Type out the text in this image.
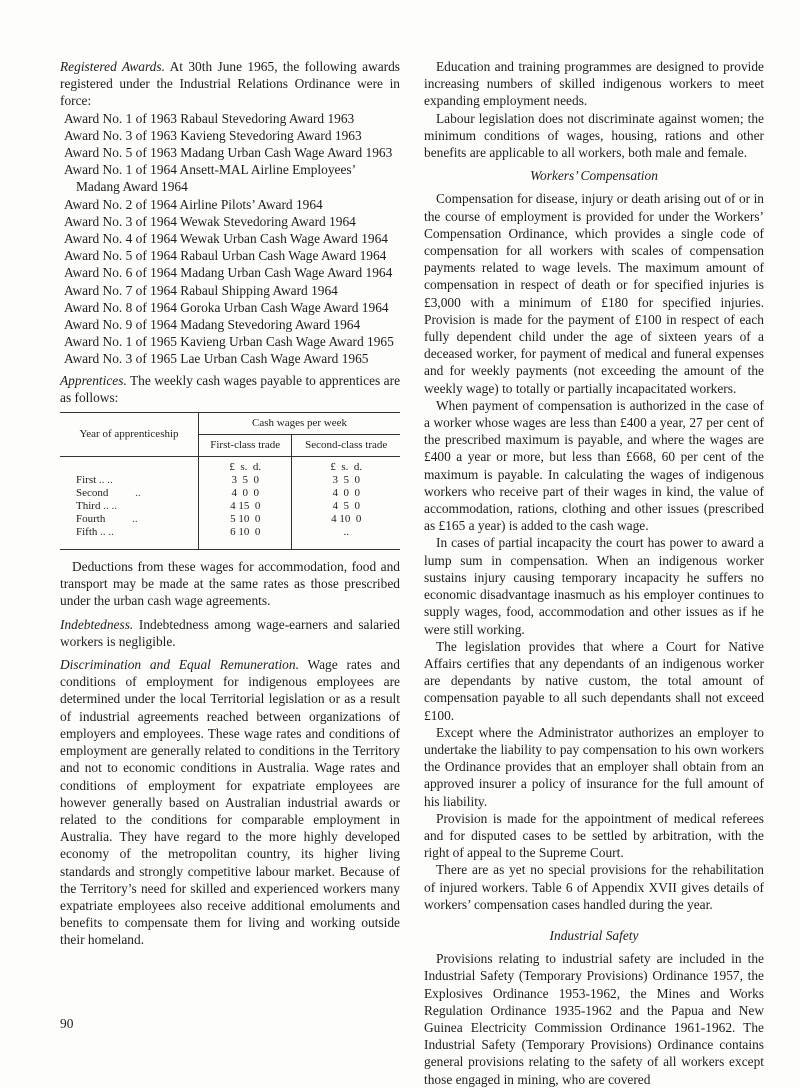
Registered Awards. At 30th June 1965, the following awards registered under the Industrial Relations Ordinance were in force:

Award No. 1 of 1963 Rabaul Stevedoring Award 1963
Award No. 3 of 1963 Kavieng Stevedoring Award 1963
Award No. 5 of 1963 Madang Urban Cash Wage Award 1963
Award No. 1 of 1964 Ansett-MAL Airline Employees’ Madang Award 1964
Award No. 2 of 1964 Airline Pilots’ Award 1964
Award No. 3 of 1964 Wewak Stevedoring Award 1964
Award No. 4 of 1964 Wewak Urban Cash Wage Award 1964
Award No. 5 of 1964 Rabaul Urban Cash Wage Award 1964
Award No. 6 of 1964 Madang Urban Cash Wage Award 1964
Award No. 7 of 1964 Rabaul Shipping Award 1964
Award No. 8 of 1964 Goroka Urban Cash Wage Award 1964
Award No. 9 of 1964 Madang Stevedoring Award 1964
Award No. 1 of 1965 Kavieng Urban Cash Wage Award 1965
Award No. 3 of 1965 Lae Urban Cash Wage Award 1965

Apprentices. The weekly cash wages payable to apprentices are as follows:

Year of apprenticeship	Cash wages per week	
	First-class trade	Second-class trade
	£  s.  d.	£  s.  d.
First .. ..	3  5  0	3  5  0
Second ..	4  0  0	4  0  0
Third .. ..	4 15  0	4  5  0
Fourth ..	5 10  0	4 10  0
Fifth .. ..	6 10  0	..

Deductions from these wages for accommodation, food and transport may be made at the same rates as those prescribed under the urban cash wage agreements.

Indebtedness. Indebtedness among wage-earners and salaried workers is negligible.

Discrimination and Equal Remuneration. Wage rates and conditions of employment for indigenous employees are determined under the local Territorial legislation or as a result of industrial agreements reached between organizations of employers and employees. These wage rates and conditions of employment are generally related to conditions in the Territory and not to economic conditions in Australia. Wage rates and conditions of employment for expatriate employees are however generally based on Australian industrial awards or related to the conditions for comparable employment in Australia. They have regard to the more highly developed economy of the metropolitan country, its higher living standards and strongly competitive labour market. Because of the Territory’s need for skilled and experienced workers many expatriate employees also receive additional emoluments and benefits to compensate them for living and working outside their homeland.

90

Education and training programmes are designed to provide increasing numbers of skilled indigenous workers to meet expanding employment needs.

Labour legislation does not discriminate against women; the minimum conditions of wages, housing, rations and other benefits are applicable to all workers, both male and female.

Workers’ Compensation

Compensation for disease, injury or death arising out of or in the course of employment is provided for under the Workers’ Compensation Ordinance, which provides a single code of compensation for all workers with scales of compensation payments related to wage levels. The maximum amount of compensation in respect of death or for specified injuries is £3,000 with a minimum of £180 for specified injuries. Provision is made for the payment of £100 in respect of each fully dependent child under the age of sixteen years of a deceased worker, for payment of medical and funeral expenses and for weekly payments (not exceeding the amount of the weekly wage) to totally or partially incapacitated workers.

When payment of compensation is authorized in the case of a worker whose wages are less than £400 a year, 27 per cent of the prescribed maximum is payable, and where the wages are £400 a year or more, but less than £668, 60 per cent of the maximum is payable. In calculating the wages of indigenous workers who receive part of their wages in kind, the value of accommodation, rations, clothing and other issues (prescribed as £165 a year) is added to the cash wage.

In cases of partial incapacity the court has power to award a lump sum in compensation. When an indigenous worker sustains injury causing temporary incapacity he suffers no economic disadvantage inasmuch as his employer continues to supply wages, food, accommodation and other issues as if he were still working.

The legislation provides that where a Court for Native Affairs certifies that any dependants of an indigenous worker are dependants by native custom, the total amount of compensation payable to all such dependants shall not exceed £100.

Except where the Administrator authorizes an employer to undertake the liability to pay compensation to his own workers the Ordinance provides that an employer shall obtain from an approved insurer a policy of insurance for the full amount of his liability.

Provision is made for the appointment of medical referees and for disputed cases to be settled by arbitration, with the right of appeal to the Supreme Court.

There are as yet no special provisions for the rehabilitation of injured workers. Table 6 of Appendix XVII gives details of workers’ compensation cases handled during the year.

Industrial Safety

Provisions relating to industrial safety are included in the Industrial Safety (Temporary Provisions) Ordinance 1957, the Explosives Ordinance 1953-1962, the Mines and Works Regulation Ordinance 1935-1962 and the Papua and New Guinea Electricity Commission Ordinance 1961-1962. The Industrial Safety (Temporary Provisions) Ordinance contains general provisions relating to the safety of all workers except those engaged in mining, who are covered
